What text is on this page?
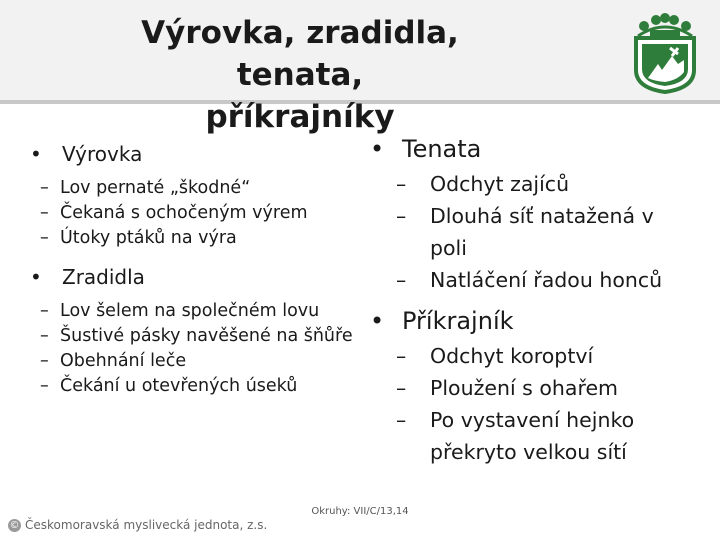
Výrovka, zradidla, tenata,
příkrajníky
• Výrovka
– Lov pernaté „škodné“
– Čekaná s ochočeným výrem
– Útoky ptáků na výra
• Zradidla
– Lov šelem na společném lovu
– Šustivé pásky navěšené na šňůře
– Obehnání leče
– Čekání u otevřených úseků
• Tenata
– Odchyt zajíců
– Dlouhá síť natažená v poli
– Natláčení řadou honců
• Příkrajník
– Odchyt koroptví
– Ploužení s ohařem
– Po vystavení hejnko překryto velkou sítí
Okruhy: VII/C/13,14
© Českomoravská myslivecká jednota, z.s.
